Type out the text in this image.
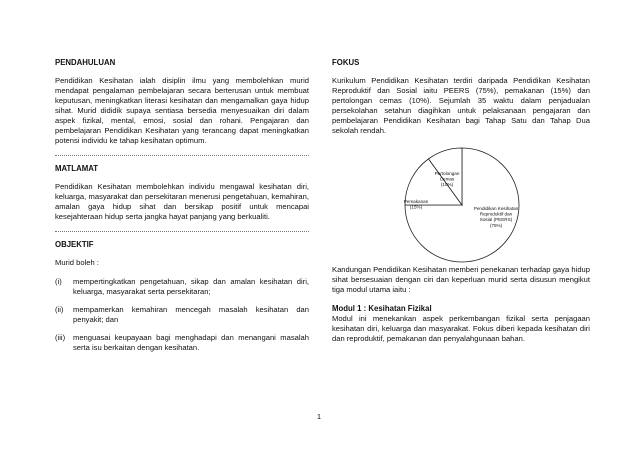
PENDAHULUAN
Pendidikan Kesihatan ialah disiplin ilmu yang membolehkan murid mendapat pengalaman pembelajaran secara berterusan untuk membuat keputusan, meningkatkan literasi kesihatan dan mengamalkan gaya hidup sihat. Murid dididik supaya sentiasa bersedia menyesuaikan diri dalam aspek fizikal, mental, emosi, sosial dan rohani. Pengajaran dan pembelajaran Pendidikan Kesihatan yang terancang dapat meningkatkan potensi individu ke tahap kesihatan optimum.
MATLAMAT
Pendidikan Kesihatan membolehkan individu mengawal kesihatan diri, keluarga, masyarakat dan persekitaran menerusi pengetahuan, kemahiran, amalan gaya hidup sihat dan bersikap positif untuk mencapai kesejahteraan hidup serta jangka hayat panjang yang berkualiti.
OBJEKTIF
Murid boleh :
(i)	mempertingkatkan pengetahuan, sikap dan amalan kesihatan diri, keluarga, masyarakat serta persekitaran;
(ii)	mempamerkan kemahiran mencegah masalah kesihatan dan penyakit; dan
(iii)	menguasai keupayaan bagi menghadapi dan menangani masalah serta isu berkaitan dengan kesihatan.
FOKUS
Kurikulum Pendidikan Kesihatan terdiri daripada Pendidikan Kesihatan Reproduktif dan Sosial iaitu PEERS (75%), pemakanan (15%) dan pertolongan cemas (10%). Sejumlah 35 waktu dalam penjadualan persekolahan setahun diagihkan untuk pelaksanaan pengajaran dan pembelajaran Pendidikan Kesihatan bagi Tahap Satu dan Tahap Dua sekolah rendah.
Pendidikan Kesihatan Reproduktif dan Sosial (PEERS) (75%)
Pemakanan (15%)
Pertolongan Cemas (10%)
Kandungan Pendidikan Kesihatan memberi penekanan terhadap gaya hidup sihat bersesuaian dengan ciri dan keperluan murid serta disusun mengikut tiga modul utama iaitu :
Modul 1 : Kesihatan Fizikal
Modul ini menekankan aspek perkembangan fizikal serta penjagaan kesihatan diri, keluarga dan masyarakat. Fokus diberi kepada kesihatan diri dan reproduktif, pemakanan dan penyalahgunaan bahan.
1
